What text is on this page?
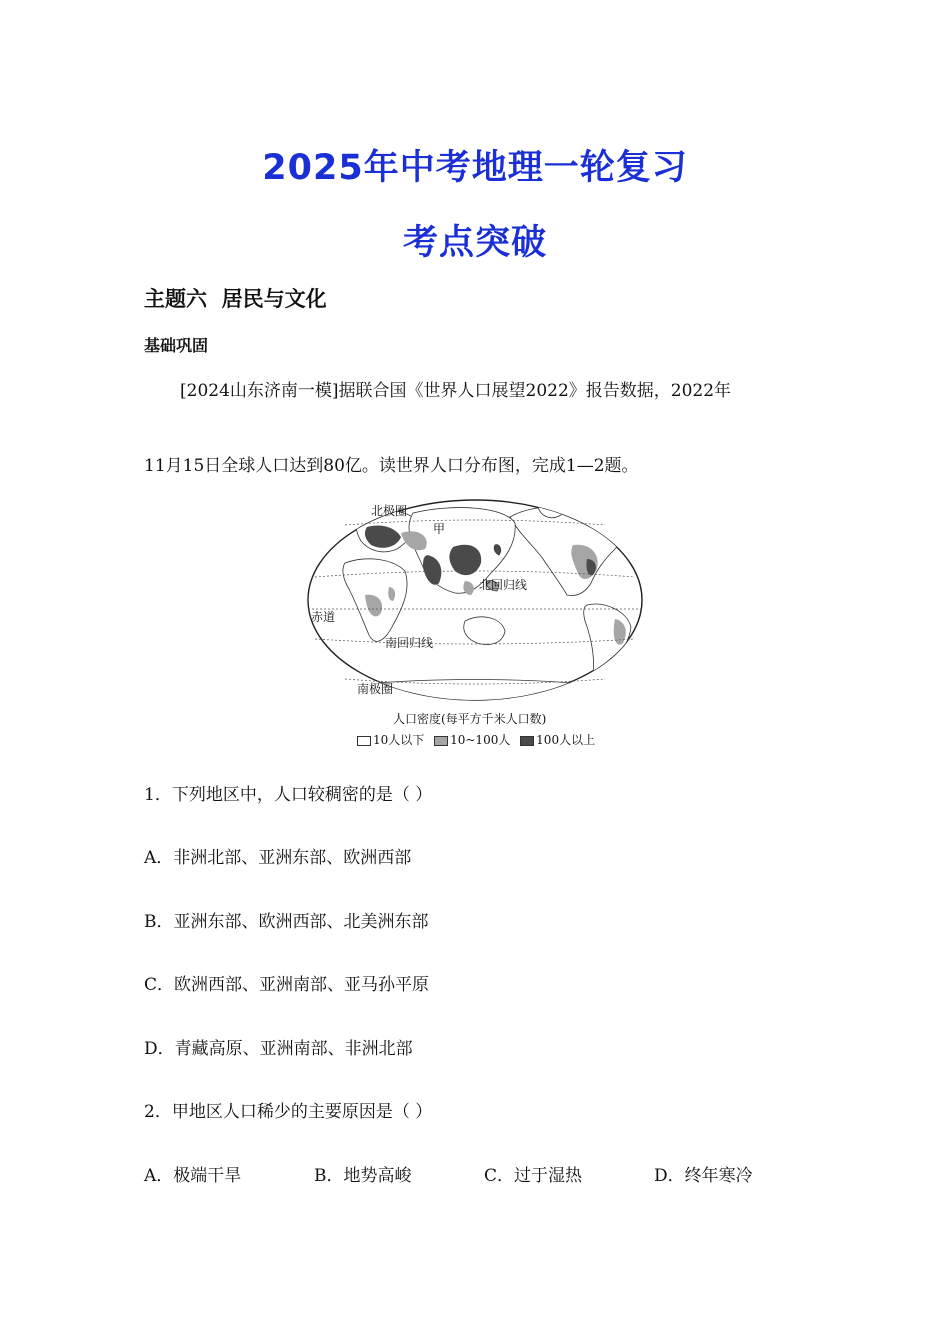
2025年中考地理一轮复习
考点突破
主题六  居民与文化
基础巩固
[2024山东济南一模]据联合国《世界人口展望2022》报告数据，2022年
11月15日全球人口达到80亿。读世界人口分布图，完成1—2题。
北极圈
甲
北回归线
赤道
南回归线
南极圈
人口密度(每平方千米人口数)
10人以下 10~100人 100人以上
1．下列地区中，人口较稠密的是（ ）
A．非洲北部、亚洲东部、欧洲西部
B．亚洲东部、欧洲西部、北美洲东部
C．欧洲西部、亚洲南部、亚马孙平原
D．青藏高原、亚洲南部、非洲北部
2．甲地区人口稀少的主要原因是（ ）
A．极端干旱	B．地势高峻	C．过于湿热	D．终年寒冷
